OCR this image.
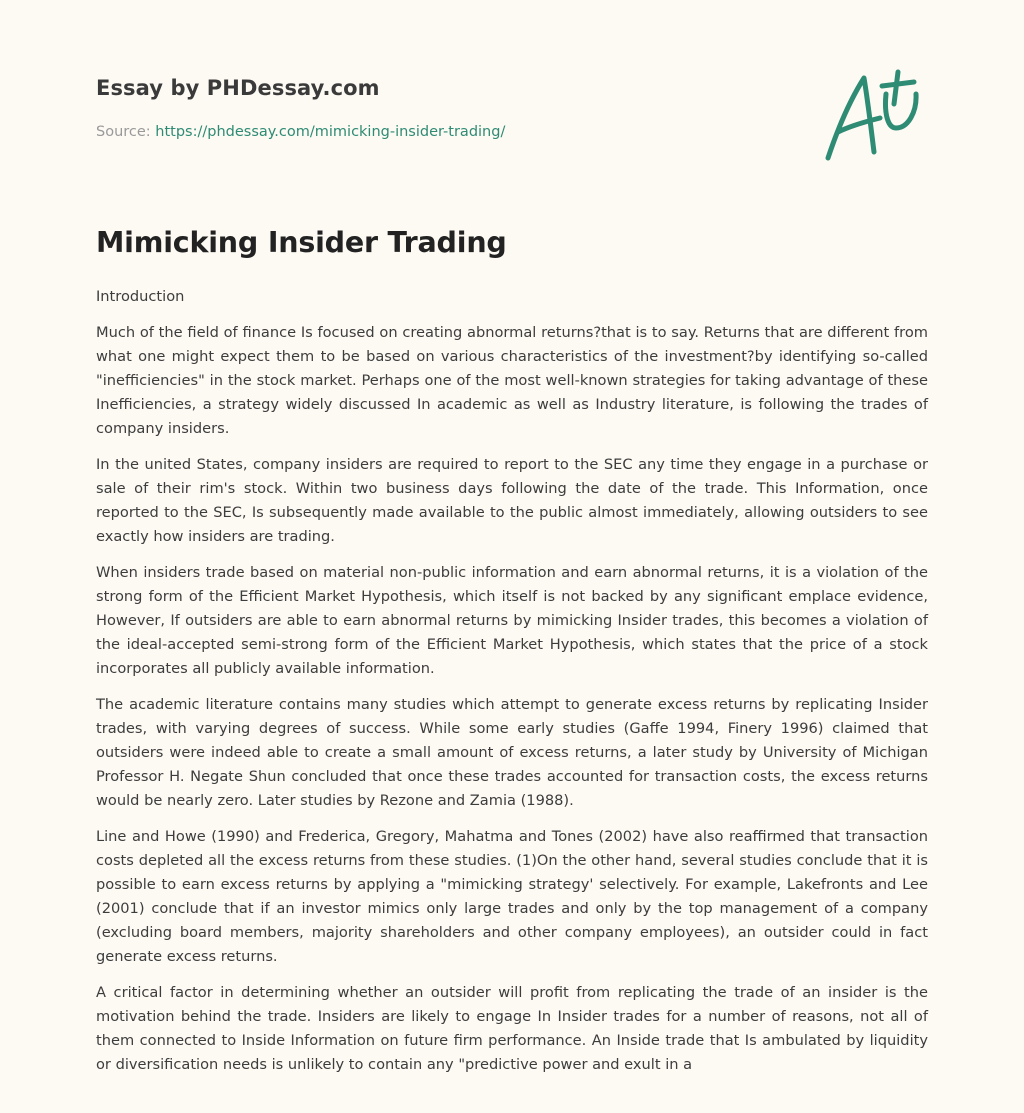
Essay by PHDessay.com
Source: https://phdessay.com/mimicking-insider-trading/
Mimicking Insider Trading
Introduction

Much of the field of finance Is focused on creating abnormal returns?that is to say. Returns that are different from what one might expect them to be based on various characteristics of the investment?by identifying so-called "inefficiencies" in the stock market. Perhaps one of the most well-known strategies for taking advantage of these Inefficiencies, a strategy widely discussed In academic as well as Industry literature, is following the trades of company insiders.

In the united States, company insiders are required to report to the SEC any time they engage in a purchase or sale of their rim's stock. Within two business days following the date of the trade. This Information, once reported to the SEC, Is subsequently made available to the public almost immediately, allowing outsiders to see exactly how insiders are trading.

When insiders trade based on material non-public information and earn abnormal returns, it is a violation of the strong form of the Efficient Market Hypothesis, which itself is not backed by any significant emplace evidence, However, If outsiders are able to earn abnormal returns by mimicking Insider trades, this becomes a violation of the ideal-accepted semi-strong form of the Efficient Market Hypothesis, which states that the price of a stock incorporates all publicly available information.

The academic literature contains many studies which attempt to generate excess returns by replicating Insider trades, with varying degrees of success. While some early studies (Gaffe 1994, Finery 1996) claimed that outsiders were indeed able to create a small amount of excess returns, a later study by University of Michigan Professor H. Negate Shun concluded that once these trades accounted for transaction costs, the excess returns would be nearly zero. Later studies by Rezone and Zamia (1988).

Line and Howe (1990) and Frederica, Gregory, Mahatma and Tones (2002) have also reaffirmed that transaction costs depleted all the excess returns from these studies. (1)On the other hand, several studies conclude that it is possible to earn excess returns by applying a "mimicking strategy' selectively. For example, Lakefronts and Lee (2001) conclude that if an investor mimics only large trades and only by the top management of a company (excluding board members, majority shareholders and other company employees), an outsider could in fact generate excess returns.

A critical factor in determining whether an outsider will profit from replicating the trade of an insider is the motivation behind the trade. Insiders are likely to engage In Insider trades for a number of reasons, not all of them connected to Inside Information on future firm performance. An Inside trade that Is ambulated by liquidity or diversification needs is unlikely to contain any "predictive power and exult in a
